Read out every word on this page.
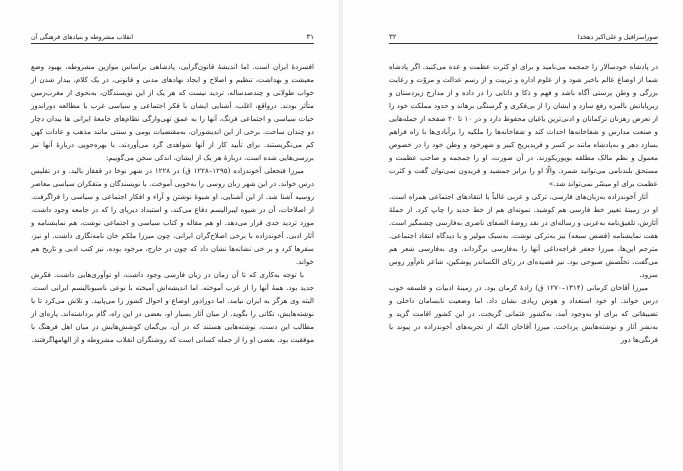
۳۱
انقلاب مشروطه و بنیادهای فرهنگی آن

افسردهٔ ایران است. اما اندیشهٔ قانون‌گرایی، پادشاهی براساس موازین مشروطه، بهبود وضع معیشت و بهداشت، تنظیم و اصلاح و ایجاد نهادهای مدنی و قانونی، در یک کلام، بیدار شدن از خواب طولانی و چندصدساله، تردید نیست که هر یک از این نویسندگان، به‌نحوی از مغرب‌زمین متأثر بودند. درواقع، اغلب، آشنایی ایشان با فکر اجتماعی و سیاسی غرب یا مطالعه دوراندور حیات سیاسی و اجتماعی فرنگ، آنها را به عمق تهی‌وارگی نظام‌های جامعهٔ ایرانی ها بیدان دچار دو چندان ساخت. برخی از این اندیشوران، به‌مقتضیات بومی و سنتی مانند مذهب و عادات کهن کم می‌نگریستند. برای تأیید کار از آنها شواهدی گرد می‌آوردند. با بهره‌جویی دربارهٔ آنها نیز بررسی‌هایی شده است. دربارهٔ هر یک از ایشان، اندکی سخن می‌گوییم:

میرزا فتحعلی آخوندزاده (۱۲۹۵–۱۲۲۸ ق) در ۱۲۲۸ در شهر نوخا در قفقاز بالید. و در تفلیس درس خواند. در این شهر زبان روسی را به‌خوبی آموخت. با نویسندگان و متفکران سیاسی معاصر روسیه آشنا شد. از این آشنایی، او شیوهٔ نوشتن و آراء و افکار اجتماعی و سیاسی را فراگرفت. از اصلاحات، آن در شیوه لیبرالیسم دفاع می‌کند، و استبداد دیرپای را که در جامعه وجود داشت، مورد تردید جدی قرار می‌دهد. او هم مقاله و کتاب سیاسی و اجتماعی نوشت، هم نمایشنامه و آثار ادبی. آخوندزاده با برخی اصلاح‌گران ایرانی، چون میرزا ملکم خان نامه‌نگاری داشت. او نیز، سفرها کرد و بر خی نشانه‌ها نشان داد که چون در خارج، مرخود بوده. نیز کتب ادبی و تاریخ هم خواند.

با توجه به‌کاری که تا آن زمان در زبان فارسی وجود داشت، او نوآوری‌هایی داشت. فکرش جدید بود. همهٔ آنها را از غرب آموخته. اما اندیشه‌اش آمیخته با نوعی ناسیونالیسم ایرانی است. البته وی هرگز به ایران نیامد. اما دورادور اوضاع و احوال کشور را می‌پایید. و تلاش می‌کرد تا با نوشته‌هایش، نکاتی را بگوید. از میان آثار بسیار او، بعضی در این راه، گام برداشته‌اند. پاره‌ای از مطالب این دست، نوشته‌هایی هستند که در آن، بی‌گمان کوشش‌هایش در میان اهل فرهنگ با موفقیت بود. بعضی او را از جمله کسانی است که روشنگران انقلاب مشروطه و از الهامهاگرفتند.

صوراسرافیل و علی‌اکبر دهخدا
۳۲

در پادشاه خودسالار را جمجمه می‌نامید و برای او کثرت عظمت و عده می‌کنید. اگر پادشاه شما از اوضاع عالم باخبر شود و از علوم اداره و تربیت و از رسم عدالت و مروّت و رعایت بزرگی و وطن پرستی آگاه باشد و فهم و ذکا و دانایی را در داده و از مدارج زیردستان و زیرپایانش بالمزه رفع سازد و ایشان را از بی‌فکری و گرسنگی برهاند و حدود مملکت خود را از تعرض رهزنان ترکمانان و ادنی‌ترین یاغیان محفوظ دارد و در ۱۰ تا ۲۰ صفحه از جمله‌هایی و صنعت مدارس و شفاخانه‌ها احداث کند و شفاخانه‌ها را ملکیه را برآبادی‌ها با راه فراهم بسازد دهر و به‌پادشاه مانند بر کسر و فریدیریخ کبیر و شهرخود و وطن خود را در خصوص معمول و نظم مالک مطلقه بوپوریکوزند. در آن صورت، او را جمجمه و صاحب عظمت و مستحق بلندنامی می‌توانید شمرد. والّا او را برابر جمشید و فریدون نمی‌توان گفت و کثرت عظمت برای او میسّر نمی‌تواند شد.»

آثار آخوندزاده به‌زبان‌های فارسی، ترکی و عربی غالباً با انتقادهای اجتماعی همراه است. او در زمینهٔ تغییر خط فارسی هم کوشید. نمونه‌ای هم از خط جدید را چاپ کرد. از جملهٔ آثارش، تلفیق‌نامه به‌عربی و رساله‌ای در نقد روضهٔ الصفای ناصری به‌فارسی چشمگیر است. هفت نمایشنامه (قصص سبعه) نیز به‌ترکی نوشت. به‌سبک مولیر و با دیدگاه انتقاد اجتماعی. مترجم این‌ها، میرزا جعفر قراجه‌داغی آنها را به‌فارسی برگرداند. وی به‌فارسی شعر هم می‌گفت. تخلّصش صبوحی بود. نیز قصیده‌ای در رثای الکساندر پوشکین، شاعر نام‌آور روس سرود.

میرزا آقاخان کرمانی (۱۳۱۴–۱۲۷۰ ق) زادهٔ کرمان بود. در زمینهٔ ادبیات و فلسفه خوب درس خواند. او خود استعداد و هوش زیادی نشان داد. اما وضعیت نابسامان داخلی و تضییقاتی که برای او به‌وجود آمد، به‌کشور عثمانی گریخت. در این کشور اقامت گزید و به‌نشر آثار و نوشته‌هایش پرداخت. میرزا آقاخان البتّه از تجربه‌های آخوندزاده در پیوند با فرنگی‌ها دور
